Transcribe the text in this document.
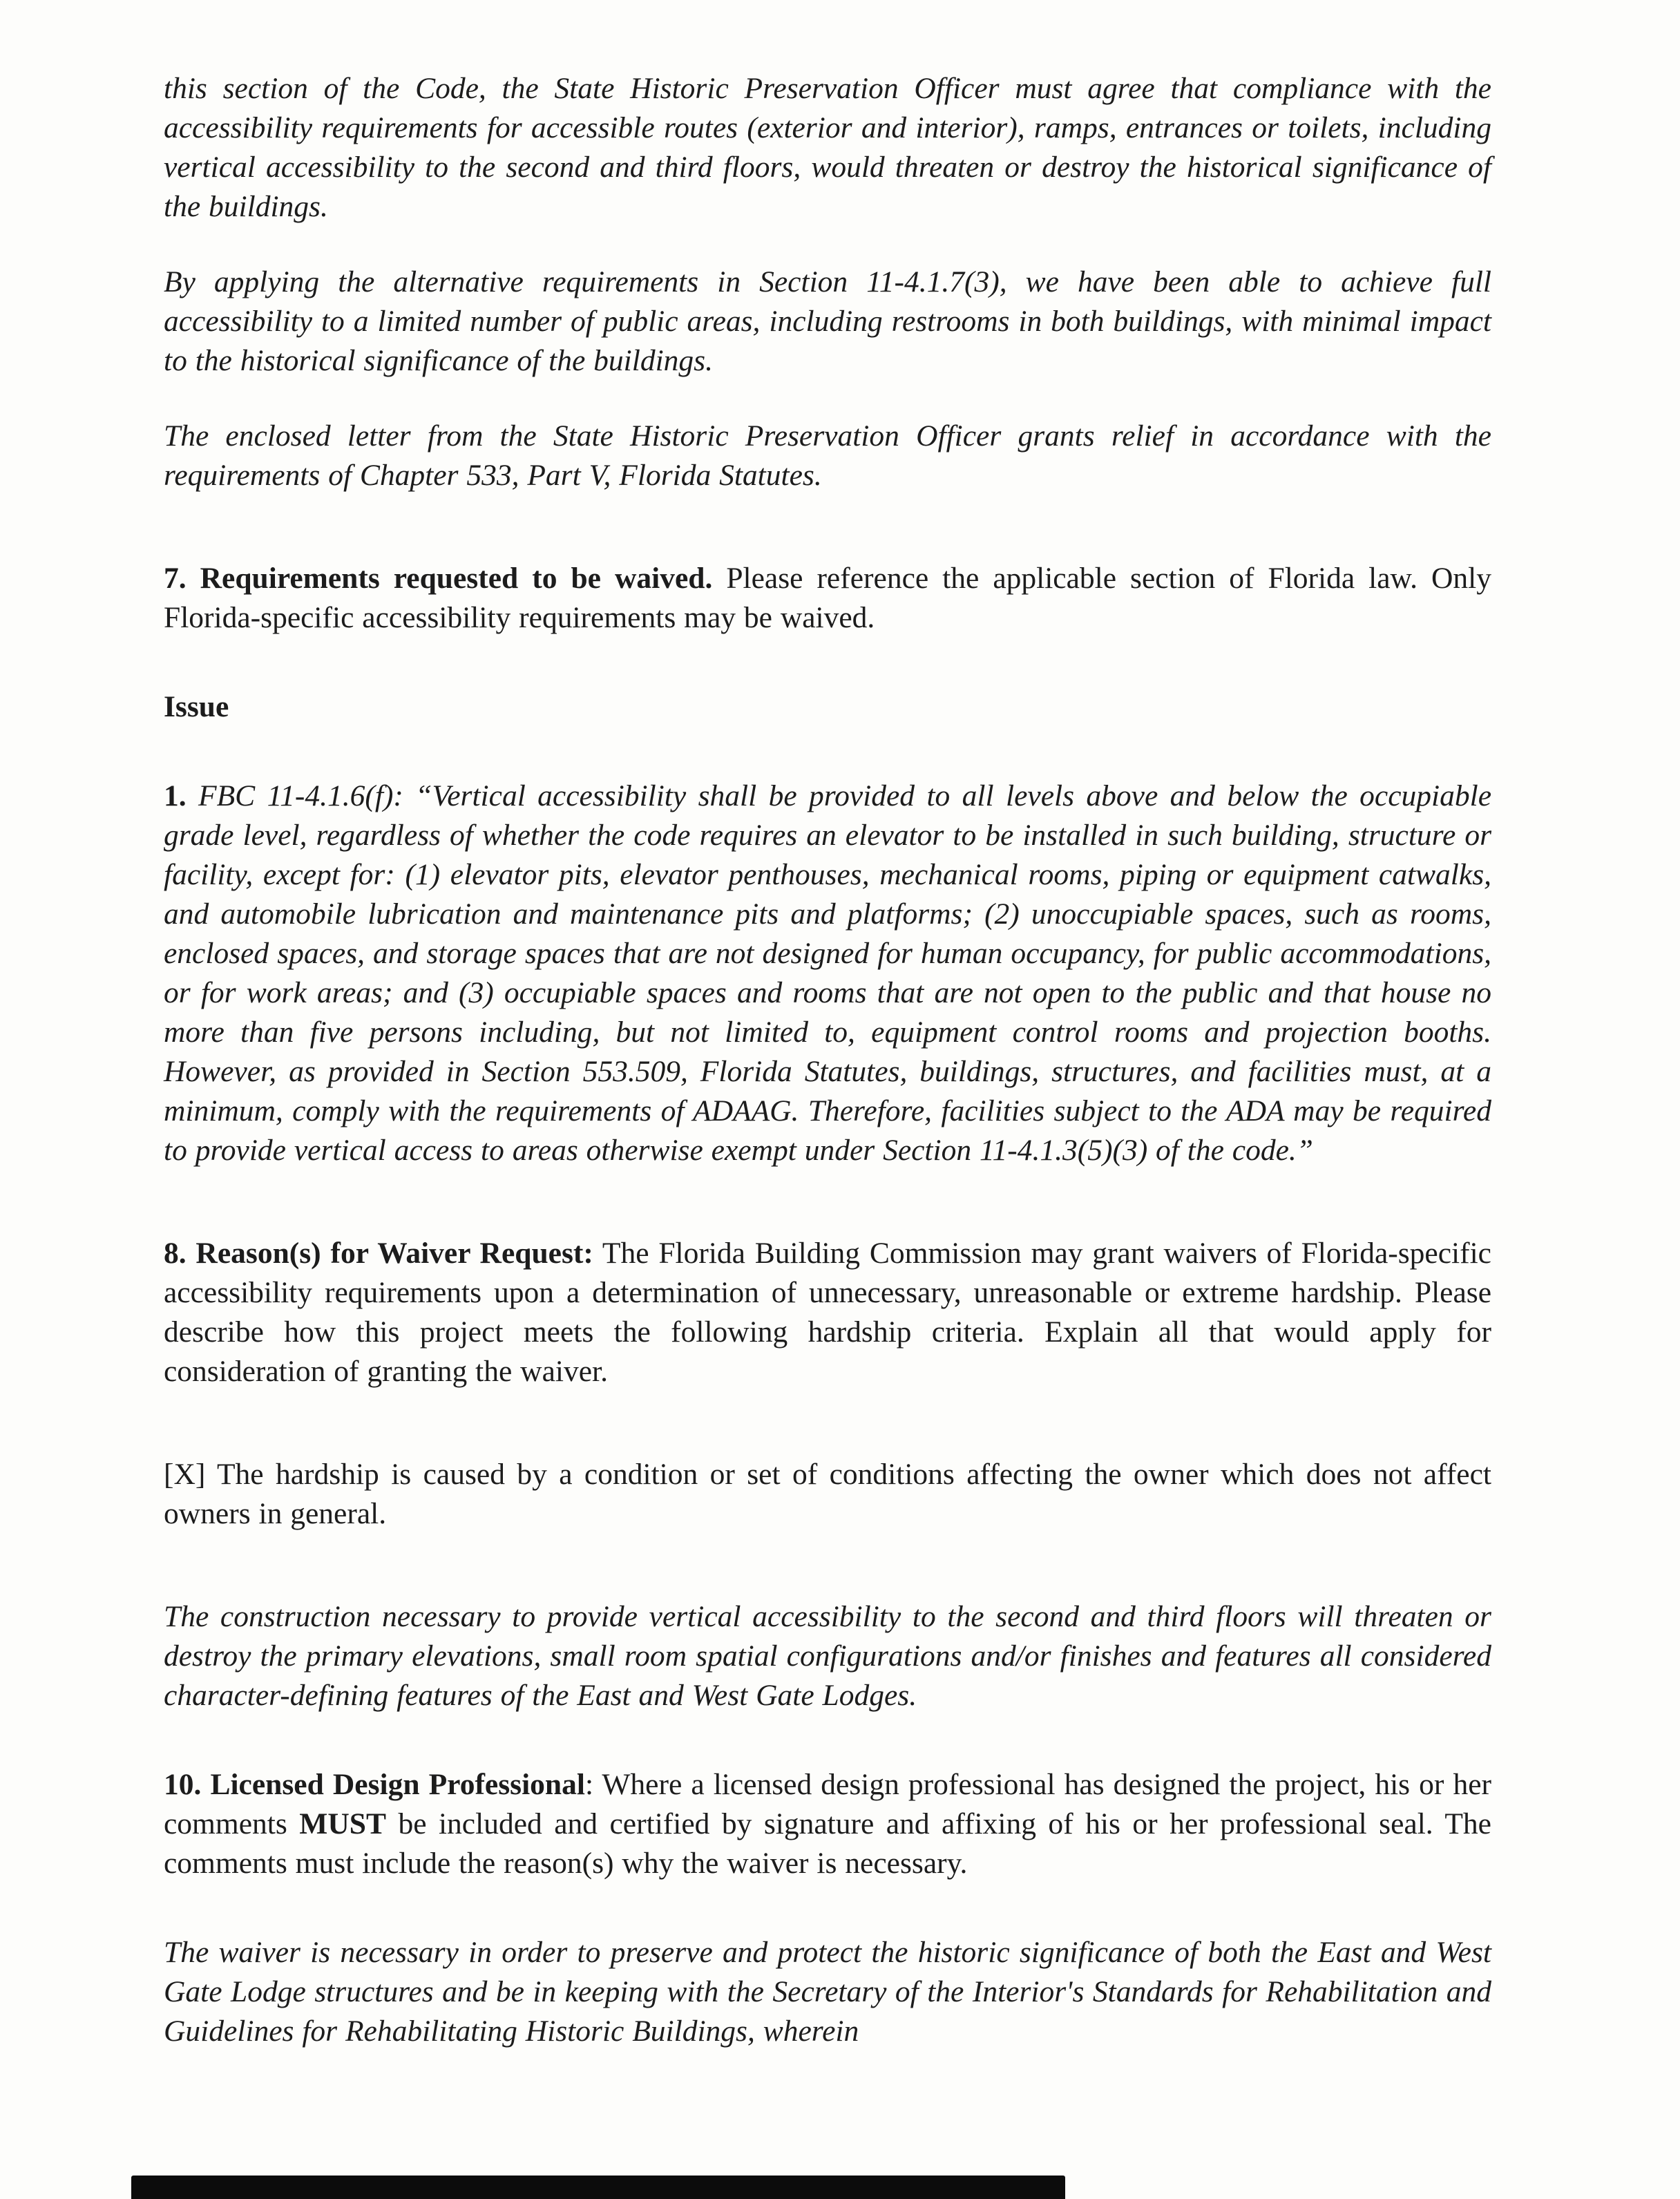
this section of the Code, the State Historic Preservation Officer must agree that compliance with the accessibility requirements for accessible routes (exterior and interior), ramps, entrances or toilets, including vertical accessibility to the second and third floors, would threaten or destroy the historical significance of the buildings.

By applying the alternative requirements in Section 11-4.1.7(3), we have been able to achieve full accessibility to a limited number of public areas, including restrooms in both buildings, with minimal impact to the historical significance of the buildings.

The enclosed letter from the State Historic Preservation Officer grants relief in accordance with the requirements of Chapter 533, Part V, Florida Statutes.

7. Requirements requested to be waived. Please reference the applicable section of Florida law. Only Florida-specific accessibility requirements may be waived.

Issue

1. FBC 11-4.1.6(f): “Vertical accessibility shall be provided to all levels above and below the occupiable grade level, regardless of whether the code requires an elevator to be installed in such building, structure or facility, except for: (1) elevator pits, elevator penthouses, mechanical rooms, piping or equipment catwalks, and automobile lubrication and maintenance pits and platforms; (2) unoccupiable spaces, such as rooms, enclosed spaces, and storage spaces that are not designed for human occupancy, for public accommodations, or for work areas; and (3) occupiable spaces and rooms that are not open to the public and that house no more than five persons including, but not limited to, equipment control rooms and projection booths. However, as provided in Section 553.509, Florida Statutes, buildings, structures, and facilities must, at a minimum, comply with the requirements of ADAAG. Therefore, facilities subject to the ADA may be required to provide vertical access to areas otherwise exempt under Section 11-4.1.3(5)(3) of the code.”

8. Reason(s) for Waiver Request: The Florida Building Commission may grant waivers of Florida-specific accessibility requirements upon a determination of unnecessary, unreasonable or extreme hardship. Please describe how this project meets the following hardship criteria. Explain all that would apply for consideration of granting the waiver.

[X] The hardship is caused by a condition or set of conditions affecting the owner which does not affect owners in general.

The construction necessary to provide vertical accessibility to the second and third floors will threaten or destroy the primary elevations, small room spatial configurations and/or finishes and features all considered character-defining features of the East and West Gate Lodges.

10. Licensed Design Professional: Where a licensed design professional has designed the project, his or her comments MUST be included and certified by signature and affixing of his or her professional seal. The comments must include the reason(s) why the waiver is necessary.

The waiver is necessary in order to preserve and protect the historic significance of both the East and West Gate Lodge structures and be in keeping with the Secretary of the Interior's Standards for Rehabilitation and Guidelines for Rehabilitating Historic Buildings, wherein
